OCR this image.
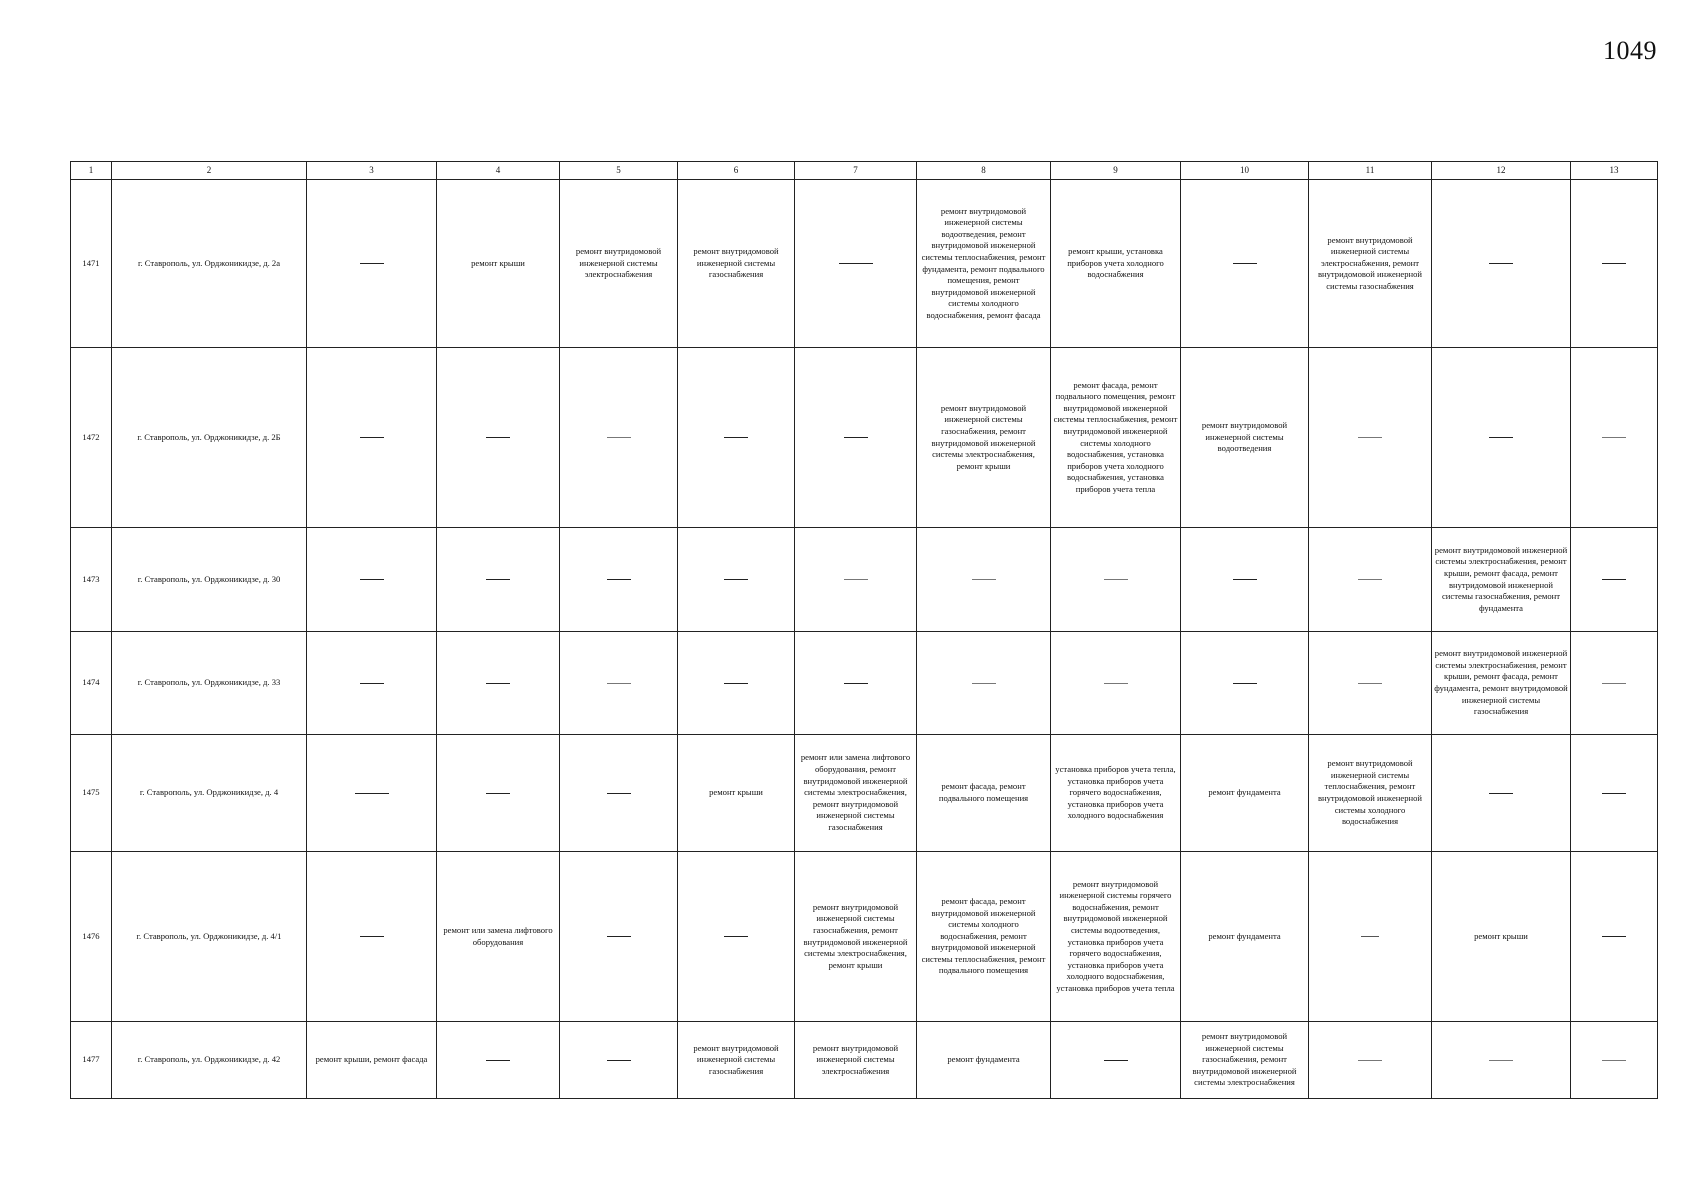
1049
1	2	3	4	5	6	7	8	9	10	11	12	13
1471	г. Ставрополь, ул. Орджоникидзе, д. 2а		ремонт крыши	ремонт внутридомовой инженерной системы электроснабжения	ремонт внутридомовой инженерной системы газоснабжения		ремонт внутридомовой инженерной системы водоотведения, ремонт внутридомовой инженерной системы теплоснабжения, ремонт фундамента, ремонт подвального помещения, ремонт внутридомовой инженерной системы холодного водоснабжения, ремонт фасада	ремонт крыши, установка приборов учета холодного водоснабжения		ремонт внутридомовой инженерной системы электроснабжения, ремонт внутридомовой инженерной системы газоснабжения		
1472	г. Ставрополь, ул. Орджоникидзе, д. 2Б						ремонт внутридомовой инженерной системы газоснабжения, ремонт внутридомовой инженерной системы электроснабжения, ремонт крыши	ремонт фасада, ремонт подвального помещения, ремонт внутридомовой инженерной системы теплоснабжения, ремонт внутридомовой инженерной системы холодного водоснабжения, установка приборов учета холодного водоснабжения, установка приборов учета тепла	ремонт внутридомовой инженерной системы водоотведения			
1473	г. Ставрополь, ул. Орджоникидзе, д. 30										ремонт внутридомовой инженерной системы электроснабжения, ремонт крыши, ремонт фасада, ремонт внутридомовой инженерной системы газоснабжения, ремонт фундамента	
1474	г. Ставрополь, ул. Орджоникидзе, д. 33										ремонт внутридомовой инженерной системы электроснабжения, ремонт крыши, ремонт фасада, ремонт фундамента, ремонт внутридомовой инженерной системы газоснабжения	
1475	г. Ставрополь, ул. Орджоникидзе, д. 4				ремонт крыши	ремонт или замена лифтового оборудования, ремонт внутридомовой инженерной системы электроснабжения, ремонт внутридомовой инженерной системы газоснабжения	ремонт фасада, ремонт подвального помещения	установка приборов учета тепла, установка приборов учета горячего водоснабжения, установка приборов учета холодного водоснабжения	ремонт фундамента	ремонт внутридомовой инженерной системы теплоснабжения, ремонт внутридомовой инженерной системы холодного водоснабжения		
1476	г. Ставрополь, ул. Орджоникидзе, д. 4/1		ремонт или замена лифтового оборудования			ремонт внутридомовой инженерной системы газоснабжения, ремонт внутридомовой инженерной системы электроснабжения, ремонт крыши	ремонт фасада, ремонт внутридомовой инженерной системы холодного водоснабжения, ремонт внутридомовой инженерной системы теплоснабжения, ремонт подвального помещения	ремонт внутридомовой инженерной системы горячего водоснабжения, ремонт внутридомовой инженерной системы водоотведения, установка приборов учета горячего водоснабжения, установка приборов учета холодного водоснабжения, установка приборов учета тепла	ремонт фундамента		ремонт крыши	
1477	г. Ставрополь, ул. Орджоникидзе, д. 42	ремонт крыши, ремонт фасада			ремонт внутридомовой инженерной системы газоснабжения	ремонт внутридомовой инженерной системы электроснабжения	ремонт фундамента		ремонт внутридомовой инженерной системы газоснабжения, ремонт внутридомовой инженерной системы электроснабжения			
